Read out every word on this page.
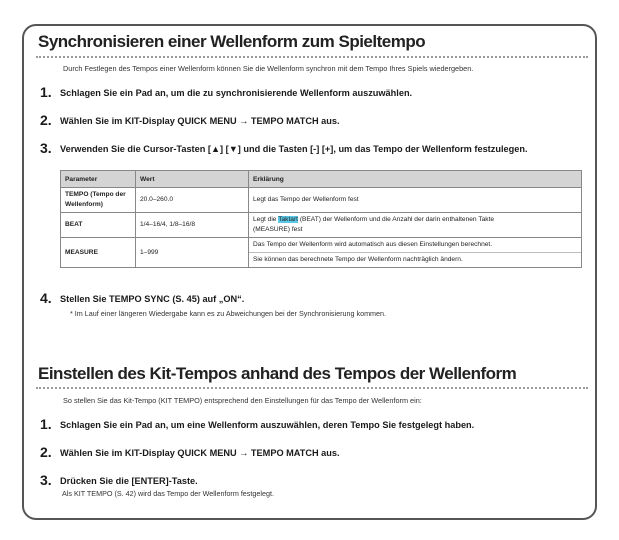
Synchronisieren einer Wellenform zum Spieltempo
Durch Festlegen des Tempos einer Wellenform können Sie die Wellenform synchron mit dem Tempo Ihres Spiels wiedergeben.
1. Schlagen Sie ein Pad an, um die zu synchronisierende Wellenform auszuwählen.
2. Wählen Sie im KIT-Display QUICK MENU → TEMPO MATCH aus.
3. Verwenden Sie die Cursor-Tasten [▲] [▼] und die Tasten [-] [+], um das Tempo der Wellenform festzulegen.
Parameter	Wert	Erklärung
TEMPO (Tempo der Wellenform)	20.0–260.0	Legt das Tempo der Wellenform fest
BEAT	1/4–16/4, 1/8–16/8	Legt die Taktart (BEAT) der Wellenform und die Anzahl der darin enthaltenen Takte
(MEASURE) fest

MEASURE	1–999	Das Tempo der Wellenform wird automatisch aus diesen Einstellungen berechnet.
Sie können das berechnete Tempo der Wellenform nachträglich ändern.
4. Stellen Sie TEMPO SYNC (S. 45) auf „ON“.
* Im Lauf einer längeren Wiedergabe kann es zu Abweichungen bei der Synchronisierung kommen.
Einstellen des Kit-Tempos anhand des Tempos der Wellenform
So stellen Sie das Kit-Tempo (KIT TEMPO) entsprechend den Einstellungen für das Tempo der Wellenform ein:
1. Schlagen Sie ein Pad an, um eine Wellenform auszuwählen, deren Tempo Sie festgelegt haben.
2. Wählen Sie im KIT-Display QUICK MENU → TEMPO MATCH aus.
3. Drücken Sie die [ENTER]-Taste.
Als KIT TEMPO (S. 42) wird das Tempo der Wellenform festgelegt.
